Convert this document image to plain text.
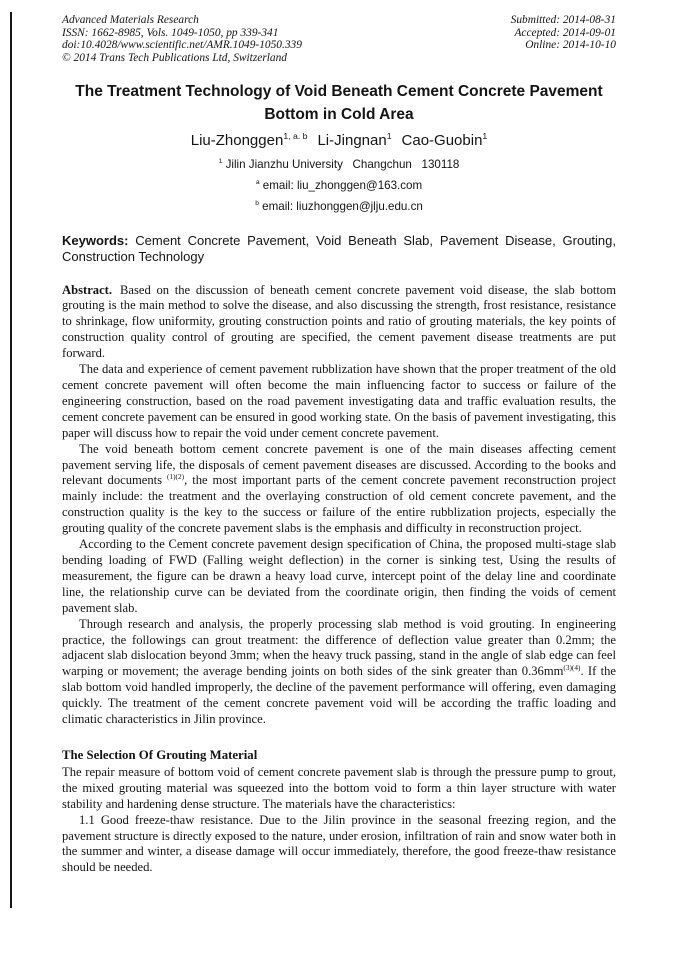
Advanced Materials Research
ISSN: 1662-8985, Vols. 1049-1050, pp 339-341
doi:10.4028/www.scientific.net/AMR.1049-1050.339
© 2014 Trans Tech Publications Ltd, Switzerland
Submitted: 2014-08-31
Accepted: 2014-09-01
Online: 2014-10-10
The Treatment Technology of Void Beneath Cement Concrete Pavement
Bottom in Cold Area
Liu-Zhonggen$^{1, a. b}$ Li-Jingnan$^1$ Cao-Guobin$^1$
$^1$ Jilin Jianzhu University   Changchun   130118
$^a$ email: liu_zhonggen@163.com
$^b$ email: liuzhonggen@jlju.edu.cn
Keywords: Cement Concrete Pavement, Void Beneath Slab, Pavement Disease, Grouting, Construction Technology

Abstract. Based on the discussion of beneath cement concrete pavement void disease, the slab bottom grouting is the main method to solve the disease, and also discussing the strength, frost resistance, resistance to shrinkage, flow uniformity, grouting construction points and ratio of grouting materials, the key points of construction quality control of grouting are specified, the cement pavement disease treatments are put forward.

The data and experience of cement pavement rubblization have shown that the proper treatment of the old cement concrete pavement will often become the main influencing factor to success or failure of the engineering construction, based on the road pavement investigating data and traffic evaluation results, the cement concrete pavement can be ensured in good working state. On the basis of pavement investigating, this paper will discuss how to repair the void under cement concrete pavement.

The void beneath bottom cement concrete pavement is one of the main diseases affecting cement pavement serving life, the disposals of cement pavement diseases are discussed. According to the books and relevant documents $^{(1)(2)}$, the most important parts of the cement concrete pavement reconstruction project mainly include: the treatment and the overlaying construction of old cement concrete pavement, and the construction quality is the key to the success or failure of the entire rubblization projects, especially the grouting quality of the concrete pavement slabs is the emphasis and difficulty in reconstruction project.

According to the Cement concrete pavement design specification of China, the proposed multi-stage slab bending loading of FWD (Falling weight deflection) in the corner is sinking test, Using the results of measurement, the figure can be drawn a heavy load curve, intercept point of the delay line and coordinate line, the relationship curve can be deviated from the coordinate origin, then finding the voids of cement pavement slab.

Through research and analysis, the properly processing slab method is void grouting. In engineering practice, the followings can grout treatment: the difference of deflection value greater than 0.2mm; the adjacent slab dislocation beyond 3mm; when the heavy truck passing, stand in the angle of slab edge can feel warping or movement; the average bending joints on both sides of the sink greater than $0.36mm^{(3)(4)}$. If the slab bottom void handled improperly, the decline of the pavement performance will offering, even damaging quickly. The treatment of the cement concrete pavement void will be according the traffic loading and climatic characteristics in Jilin province.

The Selection Of Grouting Material

The repair measure of bottom void of cement concrete pavement slab is through the pressure pump to grout, the mixed grouting material was squeezed into the bottom void to form a thin layer structure with water stability and hardening dense structure. The materials have the characteristics:

1.1 Good freeze-thaw resistance. Due to the Jilin province in the seasonal freezing region, and the pavement structure is directly exposed to the nature, under erosion, infiltration of rain and snow water both in the summer and winter, a disease damage will occur immediately, therefore, the good freeze-thaw resistance should be needed.
